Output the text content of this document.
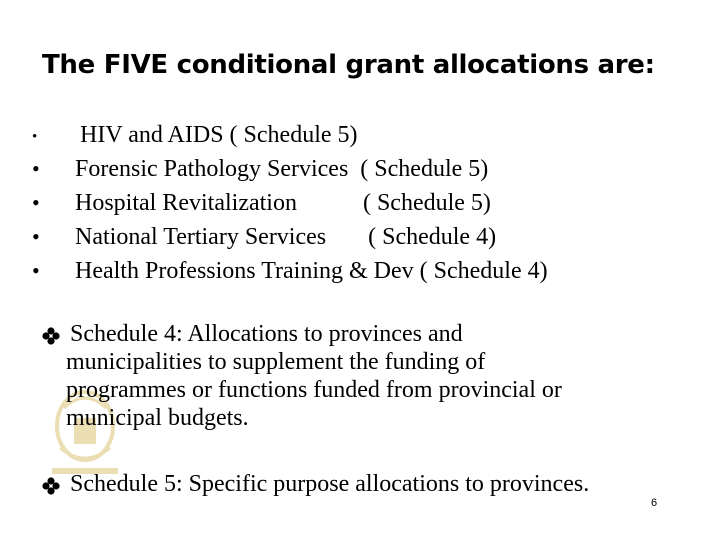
The FIVE conditional grant allocations are:
• HIV and AIDS ( Schedule 5)
• Forensic Pathology Services  ( Schedule 5)
• Hospital Revitalization           ( Schedule 5)
• National Tertiary Services       ( Schedule 4)
• Health Professions Training & Dev ( Schedule 4)
Schedule 4: Allocations to provinces and
municipalities to supplement the funding of
programmes or functions funded from provincial or
municipal budgets.
Schedule 5: Specific purpose allocations to provinces.
6
